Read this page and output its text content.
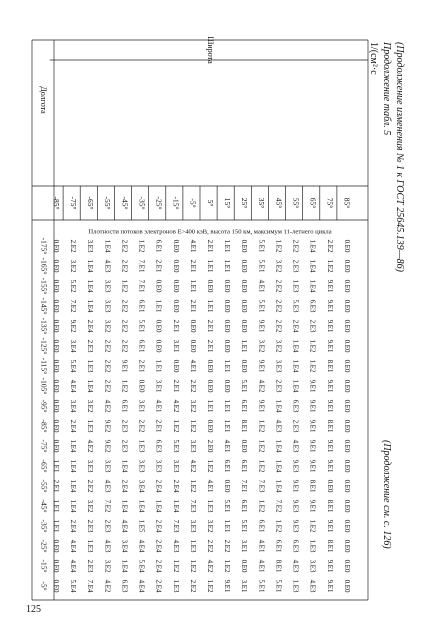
(Продолжение изменения № 1 к ГОСТ 25645.139—86)
Продолжение табл. 5
1/(см²·с
Долгота
Широта
Плотности потоков электронов E>400 кэВ, высота 150 км, максимум 11-летнего цикла
-85° -75° -65° -55° -45° -35° -25° -15° -5° 5° 15° 25° 35° 45° 55° 65° 75° 85°
-175° 0.E0 2.E2 3.E3 1.E4 2.E2 1.E2 6.E1 0.E0 4.E1 2.E1 1.E1 0.E0 5.E1 1.E2 2.E2 1.E4 2.E2 0.E0
-165° 0.E0 3.E2 1.E4 4.E3 2.E2 7.E1 2.E1 0.E0 2.E1 1.E1 1.E1 0.E0 5.E1 3.E2 2.E3 1.E4 1.E2 0.E0
-155° 0.E0 5.E2 1.E4 3.E3 1.E2 7.E1 0.E0 0.E0 1.E1 0.E0 0.E0 0.E0 4.E1 2.E2 1.E3 1.E4 9.E1 0.E0
-145° 0.E0 7.E2 1.E4 3.E3 2.E2 6.E1 1.E1 0.E0 2.E1 1.E1 0.E0 0.E0 5.E1 2.E2 5.E3 6.E3 9.E1 0.E0
-135° 0.E0 9.E2 2.E4 3.E2 2.E2 5.E1 0.E0 2.E1 0.E0 2.E1 0.E0 0.E0 9.E1 2.E2 2.E4 2.E3 9.E1 0.E0
-125° 0.E0 3.E4 2.E3 2.E2 2.E2 6.E1 0.E0 3.E1 0.E0 2.E1 0.E0 1.E1 3.E2 3.E2 1.E4 1.E2 9.E1 0.E0
-115° 0.E0 5.E4 1.E3 2.E2 9.E1 2.E1 1.E1 0.E0 4.E1 0.E0 1.E1 0.E0 9.E1 3.E3 1.E4 1.E2 8.E1 0.E0
-105° 0.E0 4.E4 1.E4 2.E2 1.E2 0.E0 3.E1 2.E1 2.E2 0.E0 0.E0 5.E1 4.E2 2.E3 1.E4 9.E1 9.E1 0.E0
-95° 0.E0 3.E4 3.E2 4.E2 6.E1 3.E1 4.E1 4.E2 3.E2 1.E1 1.E1 6.E1 9.E1 1.E4 6.E3 9.E1 9.E1 0.E0
-85° 0.E0 2.E4 1.E3 9.E2 2.E3 2.E2 2.E1 1.E2 1.E2 0.E0 1.E1 8.E1 1.E2 4.E3 2.E3 9.E1 8.E1 0.E0
-75° 0.E0 1.E4 4.E2 9.E2 2.E3 1.E3 6.E3 5.E3 3.E3 2.E0 4.E1 0.E0 1.E2 1.E4 4.E3 9.E1 9.E1 0.E0
-65° 1.E1 1.E4 3.E3 3.E3 1.E4 3.E3 3.E3 3.E3 4.E2 1.E2 6.E1 6.E1 1.E2 1.E4 9.E3 9.E1 9.E1 0.E0
-55° 2.E1 1.E4 2.E2 4.E3 2.E4 3.E4 2.E4 2.E4 1.E2 4.E1 0.E0 7.E1 7.E3 1.E4 9.E1 8.E1 0.E0 0.E0
-45° 1.E1 1.E4 3.E2 7.E2 1.E4 1.E4 1.E4 1.E4 7.E3 1.E3 5.E1 6.E1 1.E2 7.E2 9.E3 9.E1 8.E1 0.E0
-35° 1.E1 2.E4 2.E3 2.E3 4.E4 1.E5 2.E4 7.E3 3.E3 3.E2 1.E1 5.E1 6.E1 1.E2 9.E3 1.E2 9.E1 0.E0
-25° 0.E0 4.E4 1.E3 4.E3 3.E4 4.E4 2.E4 4.E3 1.E3 2.E2 2.E2 3.E1 4.E1 6.E1 6.E3 1.E3 8.E1 0.E0
-15° 0.E0 4.E4 2.E3 3.E2 1.E4 5.E4 2.E4 1.E2 1.E2 4.E2 1.E2 0.E0 4.E1 8.E1 4.E3 3.E3 9.E1 0.E0
-5° 0.E0 5.E4 7.E4 4.E2 6.E3 4.E4 2.E4 1.E3 2.E2 1.E2 9.E1 3.E1 5.E1 5.E1 1.E3 4.E3 9.E1 0.E0
(Продолжение см. с. 126)
125
